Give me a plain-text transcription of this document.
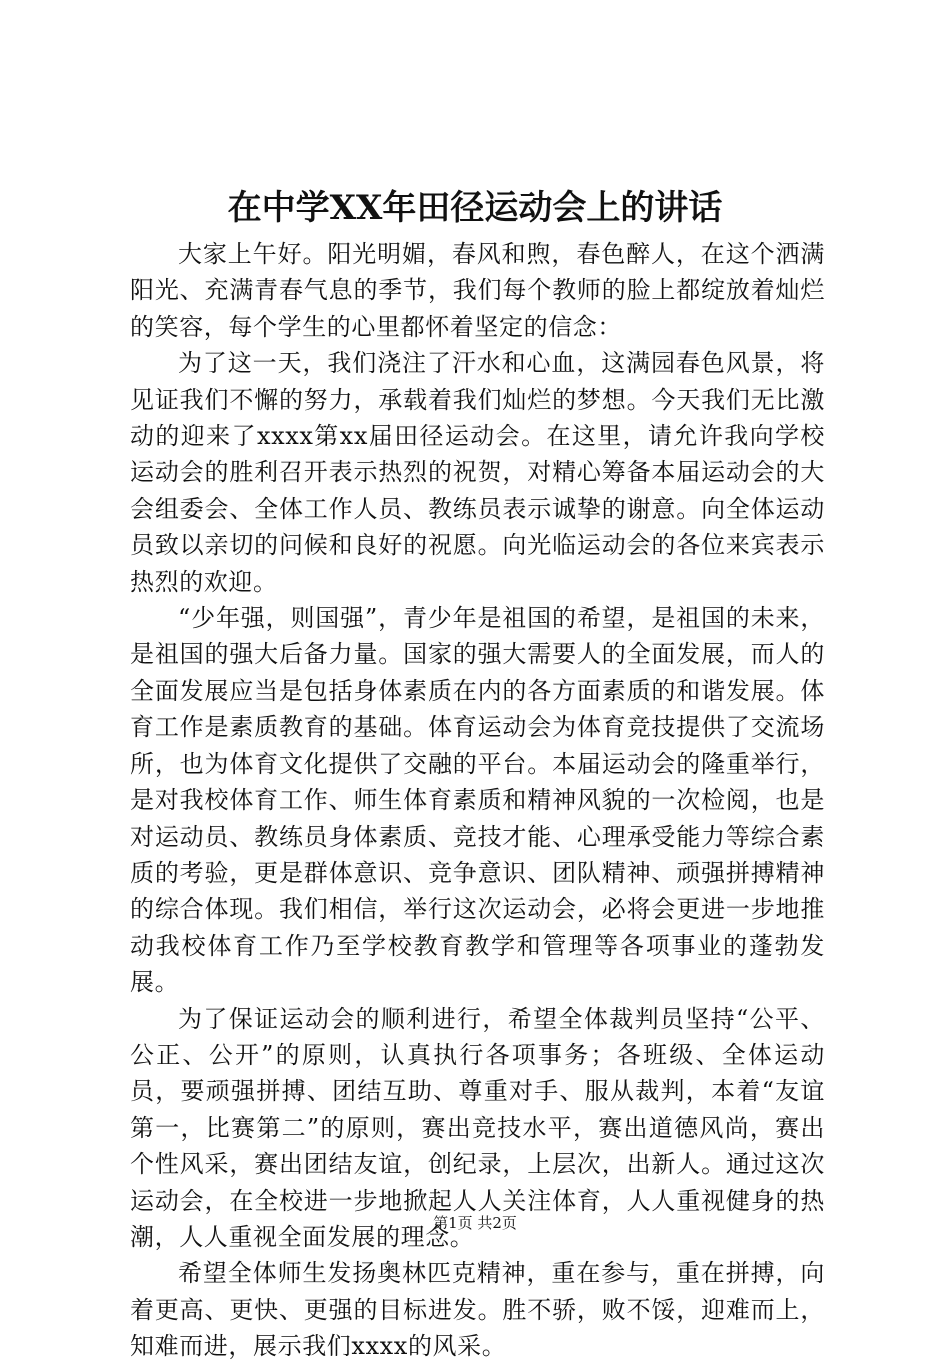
在中学XX年田径运动会上的讲话

大家上午好。阳光明媚，春风和煦，春色醉人，在这个洒满阳光、充满青春气息的季节，我们每个教师的脸上都绽放着灿烂的笑容，每个学生的心里都怀着坚定的信念：

为了这一天，我们浇注了汗水和心血，这满园春色风景，将见证我们不懈的努力，承载着我们灿烂的梦想。今天我们无比激动的迎来了xxxx第xx届田径运动会。在这里，请允许我向学校运动会的胜利召开表示热烈的祝贺，对精心筹备本届运动会的大会组委会、全体工作人员、教练员表示诚挚的谢意。向全体运动员致以亲切的问候和良好的祝愿。向光临运动会的各位来宾表示热烈的欢迎。

“少年强，则国强”，青少年是祖国的希望，是祖国的未来，是祖国的强大后备力量。国家的强大需要人的全面发展，而人的全面发展应当是包括身体素质在内的各方面素质的和谐发展。体育工作是素质教育的基础。体育运动会为体育竞技提供了交流场所，也为体育文化提供了交融的平台。本届运动会的隆重举行，是对我校体育工作、师生体育素质和精神风貌的一次检阅，也是对运动员、教练员身体素质、竞技才能、心理承受能力等综合素质的考验，更是群体意识、竞争意识、团队精神、顽强拼搏精神的综合体现。我们相信，举行这次运动会，必将会更进一步地推动我校体育工作乃至学校教育教学和管理等各项事业的蓬勃发展。

为了保证运动会的顺利进行，希望全体裁判员坚持“公平、公正、公开”的原则，认真执行各项事务；各班级、全体运动员，要顽强拼搏、团结互助、尊重对手、服从裁判，本着“友谊第一，比赛第二”的原则，赛出竞技水平，赛出道德风尚，赛出个性风采，赛出团结友谊，创纪录，上层次，出新人。通过这次运动会，在全校进一步地掀起人人关注体育，人人重视健身的热潮，人人重视全面发展的理念。

希望全体师生发扬奥林匹克精神，重在参与，重在拼搏，向着更高、更快、更强的目标进发。胜不骄，败不馁，迎难而上，知难而进，展示我们xxxx的风采。

第1页 共2页
